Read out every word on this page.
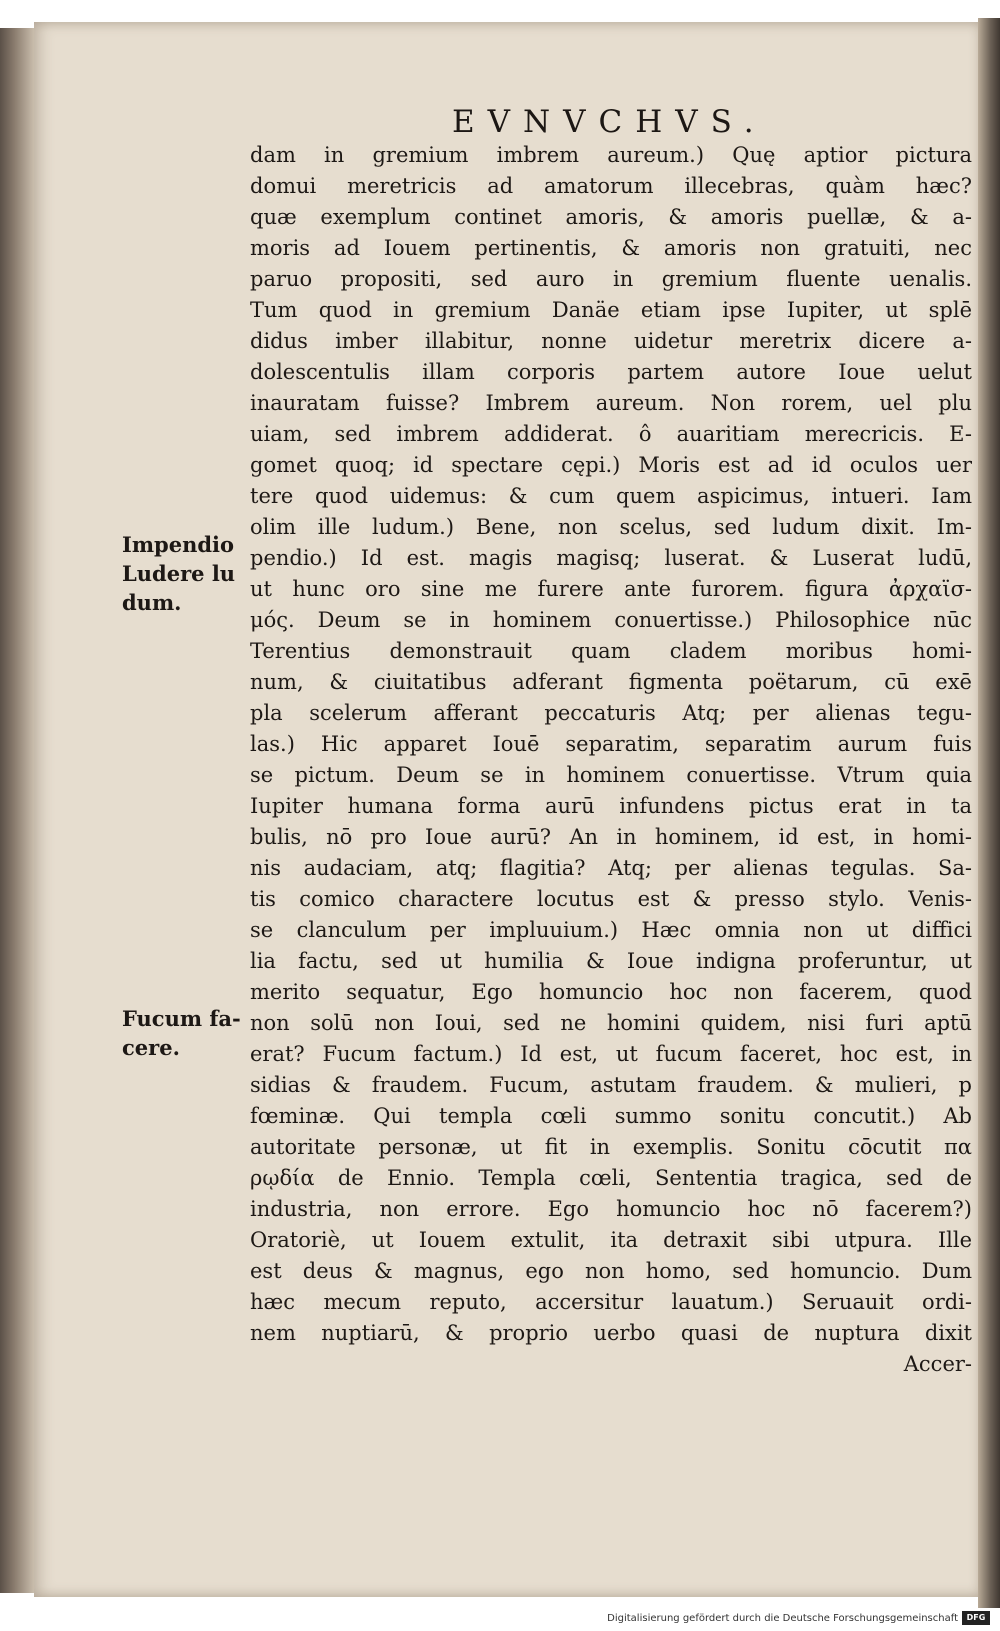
EVNVCHVS.
dam in gremium imbrem aureum.) Quę aptior pictura
domui meretricis ad amatorum illecebras, quàm hæc?
quæ exemplum continet amoris, & amoris puellæ, & a-
moris ad Iouem pertinentis, & amoris non gratuiti, nec
paruo propositi, sed auro in gremium fluente uenalis.
Tum quod in gremium Danäe etiam ipse Iupiter, ut splē
didus imber illabitur, nonne uidetur meretrix dicere a-
dolescentulis illam corporis partem autore Ioue uelut
inauratam fuisse? Imbrem aureum. Non rorem, uel plu
uiam, sed imbrem addiderat. ô auaritiam merecricis. E-
gomet quoq; id spectare cępi.) Moris est ad id oculos uer
tere quod uidemus: & cum quem aspicimus, intueri. Iam
olim ille ludum.) Bene, non scelus, sed ludum dixit. Im-
pendio.) Id est. magis magisq; luserat. & Luserat ludū,
ut hunc oro sine me furere ante furorem. figura ἀρχαϊσ-
μός. Deum se in hominem conuertisse.) Philosophice nūc
Terentius demonstrauit quam cladem moribus homi-
num, & ciuitatibus adferant figmenta poëtarum, cū exē
pla scelerum afferant peccaturis Atq; per alienas tegu-
las.) Hic apparet Iouē separatim, separatim aurum fuis
se pictum. Deum se in hominem conuertisse. Vtrum quia
Iupiter humana forma aurū infundens pictus erat in ta
bulis, nō pro Ioue aurū? An in hominem, id est, in homi-
nis audaciam, atq; flagitia? Atq; per alienas tegulas. Sa-
tis comico charactere locutus est & presso stylo. Venis-
se clanculum per impluuium.) Hæc omnia non ut diffici
lia factu, sed ut humilia & Ioue indigna proferuntur, ut
merito sequatur, Ego homuncio hoc non facerem, quod
non solū non Ioui, sed ne homini quidem, nisi furi aptū
erat? Fucum factum.) Id est, ut fucum faceret, hoc est, in
sidias & fraudem. Fucum, astutam fraudem. & mulieri, p
fœminæ. Qui templa cœli summo sonitu concutit.) Ab
autoritate personæ, ut fit in exemplis. Sonitu cōcutit πα
ρῳδία de Ennio. Templa cœli, Sententia tragica, sed de
industria, non errore. Ego homuncio hoc nō facerem?)
Oratoriè, ut Iouem extulit, ita detraxit sibi utpura. Ille
est deus & magnus, ego non homo, sed homuncio. Dum
hæc mecum reputo, accersitur lauatum.) Seruauit ordi-
nem nuptiarū, & proprio uerbo quasi de nuptura dixit
Accer-
Impendio
Ludere lu
dum.
Fucum fa-
cere.
Digitalisierung gefördert durch die Deutsche Forschungsgemeinschaft	DFG
